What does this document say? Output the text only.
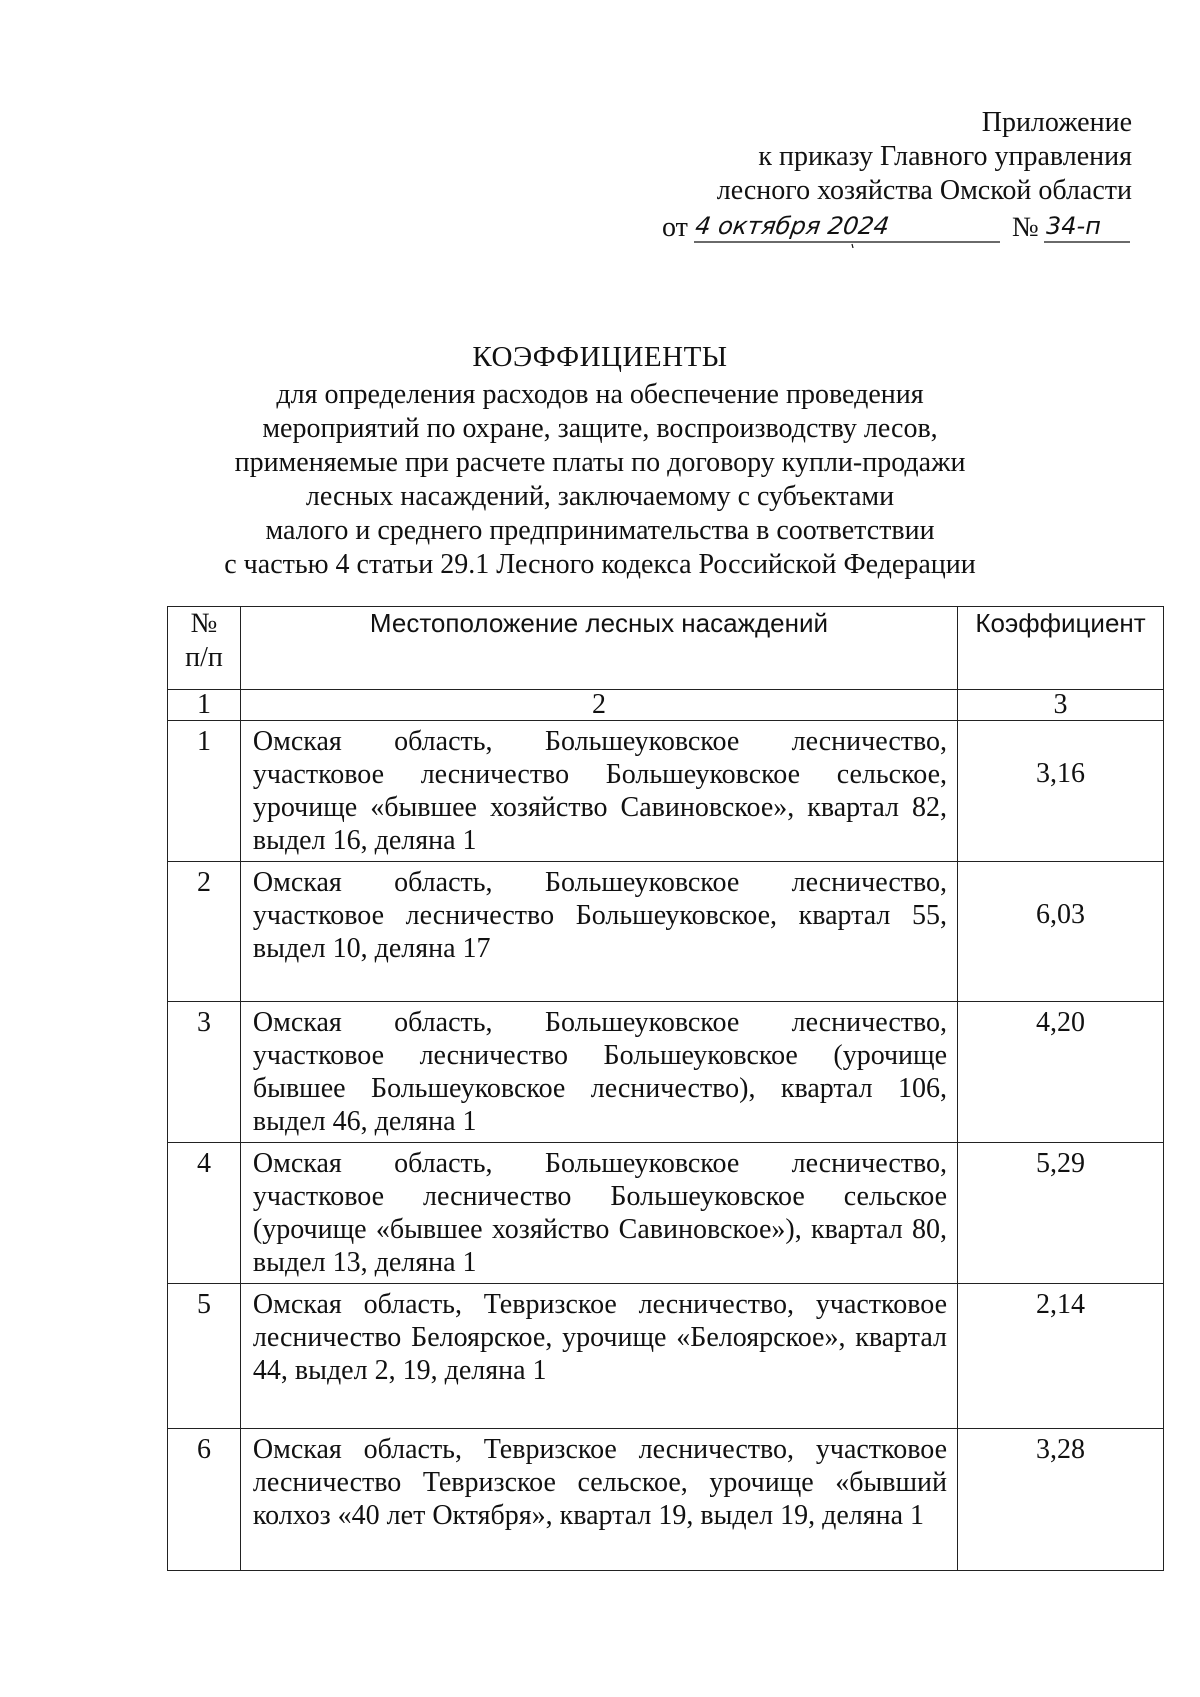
Приложение
к приказу Главного управления
лесного хозяйства Омской области
от 4 октября 2024	№ 34-п
КОЭФФИЦИЕНТЫ
для определения расходов на обеспечение проведения
мероприятий по охране, защите, воспроизводству лесов,
применяемые при расчете платы по договору купли-продажи
лесных насаждений, заключаемому с субъектами
малого и среднего предпринимательства в соответствии
с частью 4 статьи 29.1 Лесного кодекса Российской Федерации
№
п/п	Местоположение лесных насаждений	Коэффициент
1	2	3
1	Омская область, Большеуковское лесничество, участковое лесничество Большеуковское сельское, урочище «бывшее хозяйство Савиновское», квартал 82, выдел 16, деляна 1	3,16
2	Омская область, Большеуковское лесничество, участковое лесничество Большеуковское, квартал 55, выдел 10, деляна 17	6,03
3	Омская область, Большеуковское лесничество, участковое лесничество Большеуковское (урочище бывшее Большеуковское лесничество), квартал 106, выдел 46, деляна 1	4,20
4	Омская область, Большеуковское лесничество, участковое лесничество Большеуковское сельское (урочище «бывшее хозяйство Савиновское»), квартал 80, выдел 13, деляна 1	5,29
5	Омская область, Тевризское лесничество, участковое лесничество Белоярское, урочище «Белоярское», квартал 44, выдел 2, 19, деляна 1	2,14
6	Омская область, Тевризское лесничество, участковое лесничество Тевризское сельское, урочище «бывший колхоз «40 лет Октября», квартал 19, выдел 19, деляна 1	3,28
